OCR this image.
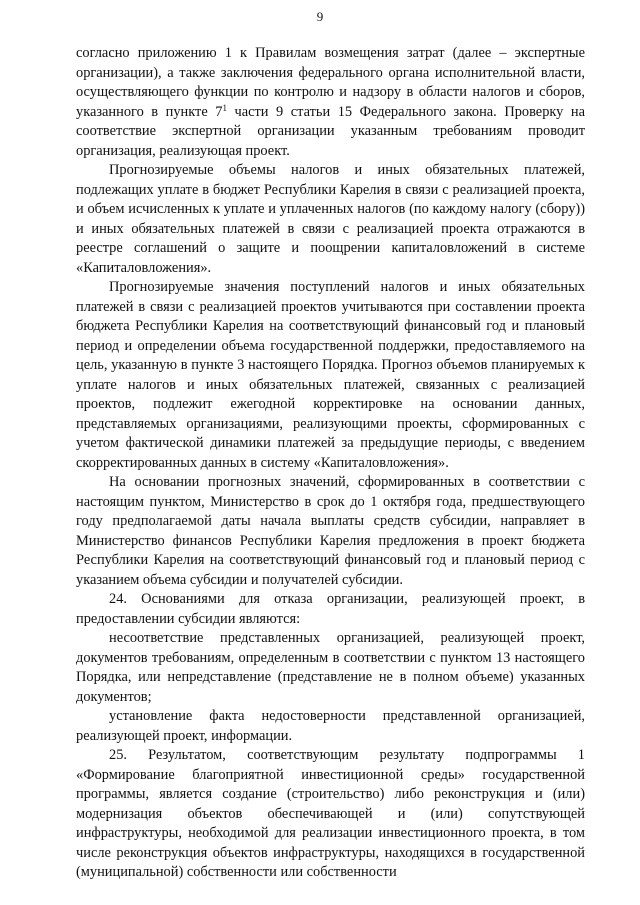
9

согласно приложению 1 к Правилам возмещения затрат (далее – экспертные организации), а также заключения федерального органа исполнительной власти, осуществляющего функции по контролю и надзору в области налогов и сборов, указанного в пункте $7^1$ части 9 статьи 15 Федерального закона. Проверку на соответствие экспертной организации указанным требованиям проводит организация, реализующая проект.

Прогнозируемые объемы налогов и иных обязательных платежей, подлежащих уплате в бюджет Республики Карелия в связи с реализацией проекта, и объем исчисленных к уплате и уплаченных налогов (по каждому налогу (сбору)) и иных обязательных платежей в связи с реализацией проекта отражаются в реестре соглашений о защите и поощрении капиталовложений в системе «Капиталовложения».

Прогнозируемые значения поступлений налогов и иных обязательных платежей в связи с реализацией проектов учитываются при составлении проекта бюджета Республики Карелия на соответствующий финансовый год и плановый период и определении объема государственной поддержки, предоставляемого на цель, указанную в пункте 3 настоящего Порядка. Прогноз объемов планируемых к уплате налогов и иных обязательных платежей, связанных с реализацией проектов, подлежит ежегодной корректировке на основании данных, представляемых организациями, реализующими проекты, сформированных с учетом фактической динамики платежей за предыдущие периоды, с введением скорректированных данных в систему «Капиталовложения».

На основании прогнозных значений, сформированных в соответствии с настоящим пунктом, Министерство в срок до 1 октября года, предшествующего году предполагаемой даты начала выплаты средств субсидии, направляет в Министерство финансов Республики Карелия предложения в проект бюджета Республики Карелия на соответствующий финансовый год и плановый период с указанием объема субсидии и получателей субсидии.

24. Основаниями для отказа организации, реализующей проект, в предоставлении субсидии являются:

несоответствие представленных организацией, реализующей проект, документов требованиям, определенным в соответствии с пунктом 13 настоящего Порядка, или непредставление (представление не в полном объеме) указанных документов;

установление факта недостоверности представленной организацией, реализующей проект, информации.

25. Результатом, соответствующим результату подпрограммы 1 «Формирование благоприятной инвестиционной среды» государственной программы, является создание (строительство) либо реконструкция и (или) модернизация объектов обеспечивающей и (или) сопутствующей инфраструктуры, необходимой для реализации инвестиционного проекта, в том числе реконструкция объектов инфраструктуры, находящихся в государственной (муниципальной) собственности или собственности
